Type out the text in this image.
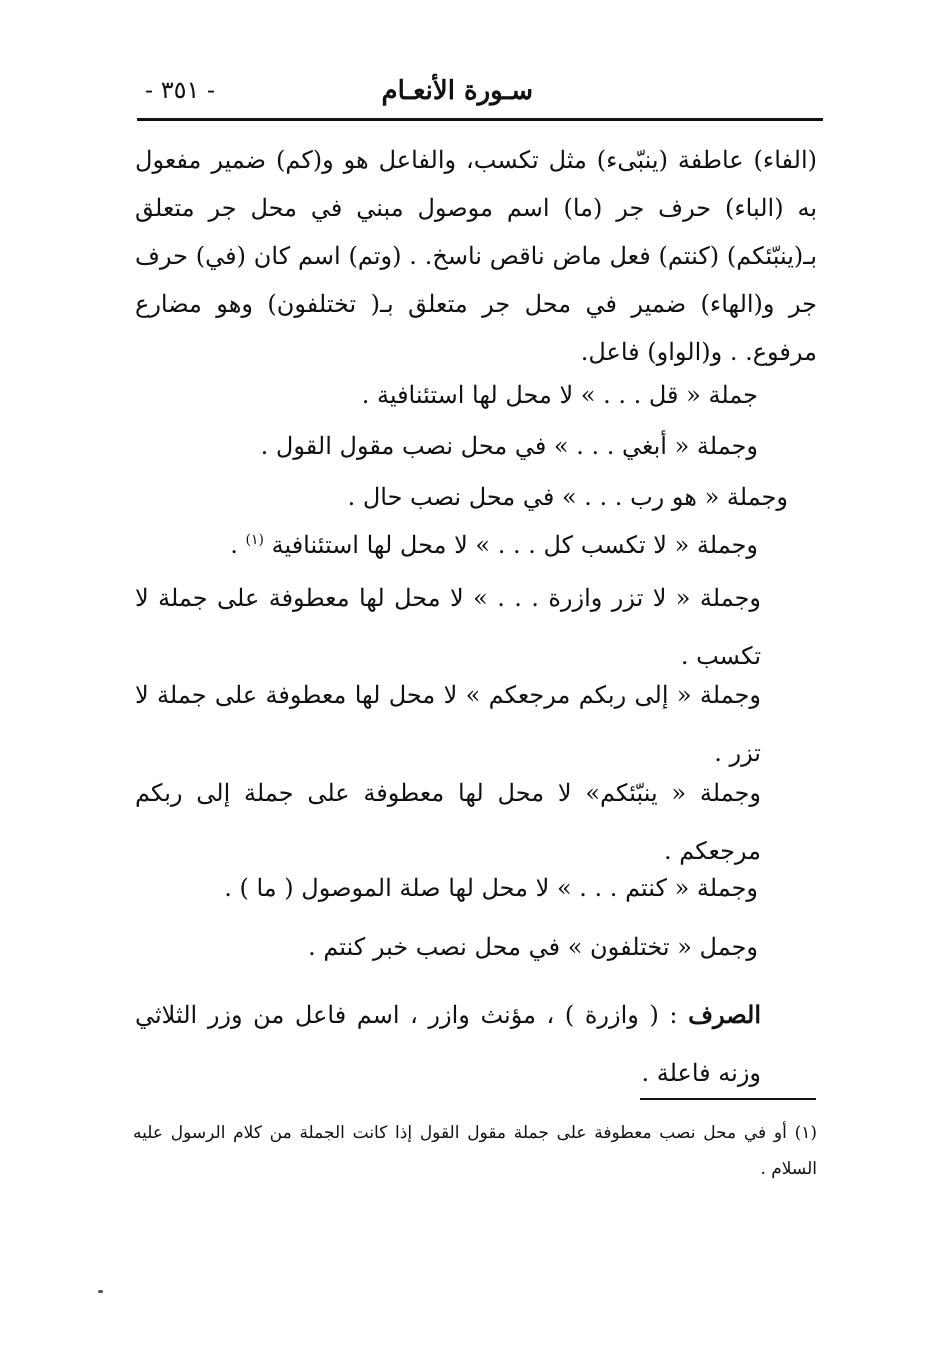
- ٣٥١ -	سـورة الأنعـام

(الفاء) عاطفة (ينبّىء) مثل تكسب، والفاعل هو و(كم) ضمير مفعول به (الباء) حرف جر (ما) اسم موصول مبني في محل جر متعلق بـ(ينبّئكم) (كنتم) فعل ماض ناقص ناسخ. . (وتم) اسم كان (في) حرف جر و(الهاء) ضمير في محل جر متعلق بـ( تختلفون) وهو مضارع مرفوع. . و(الواو) فاعل.

جملة « قل . . . » لا محل لها استئنافية .
وجملة « أبغي . . . » في محل نصب مقول القول .
وجملة « هو رب . . . » في محل نصب حال .
وجملة « لا تكسب كل . . . » لا محل لها استئنافية $^{(١)}$ .
وجملة « لا تزر وازرة . . . » لا محل لها معطوفة على جملة لا تكسب .
وجملة « إلى ربكم مرجعكم » لا محل لها معطوفة على جملة لا تزر .
وجملة « ينبّئكم» لا محل لها معطوفة على جملة إلى ربكم مرجعكم .
وجملة « كنتم . . . » لا محل لها صلة الموصول ( ما ) .
وجمل « تختلفون » في محل نصب خبر كنتم .
الصرف : ( وازرة ) ، مؤنث وازر ، اسم فاعل من وزر الثلاثي وزنه فاعلة .
(١) أو في محل نصب معطوفة على جملة مقول القول إذا كانت الجملة من كلام الرسول عليه السلام .
